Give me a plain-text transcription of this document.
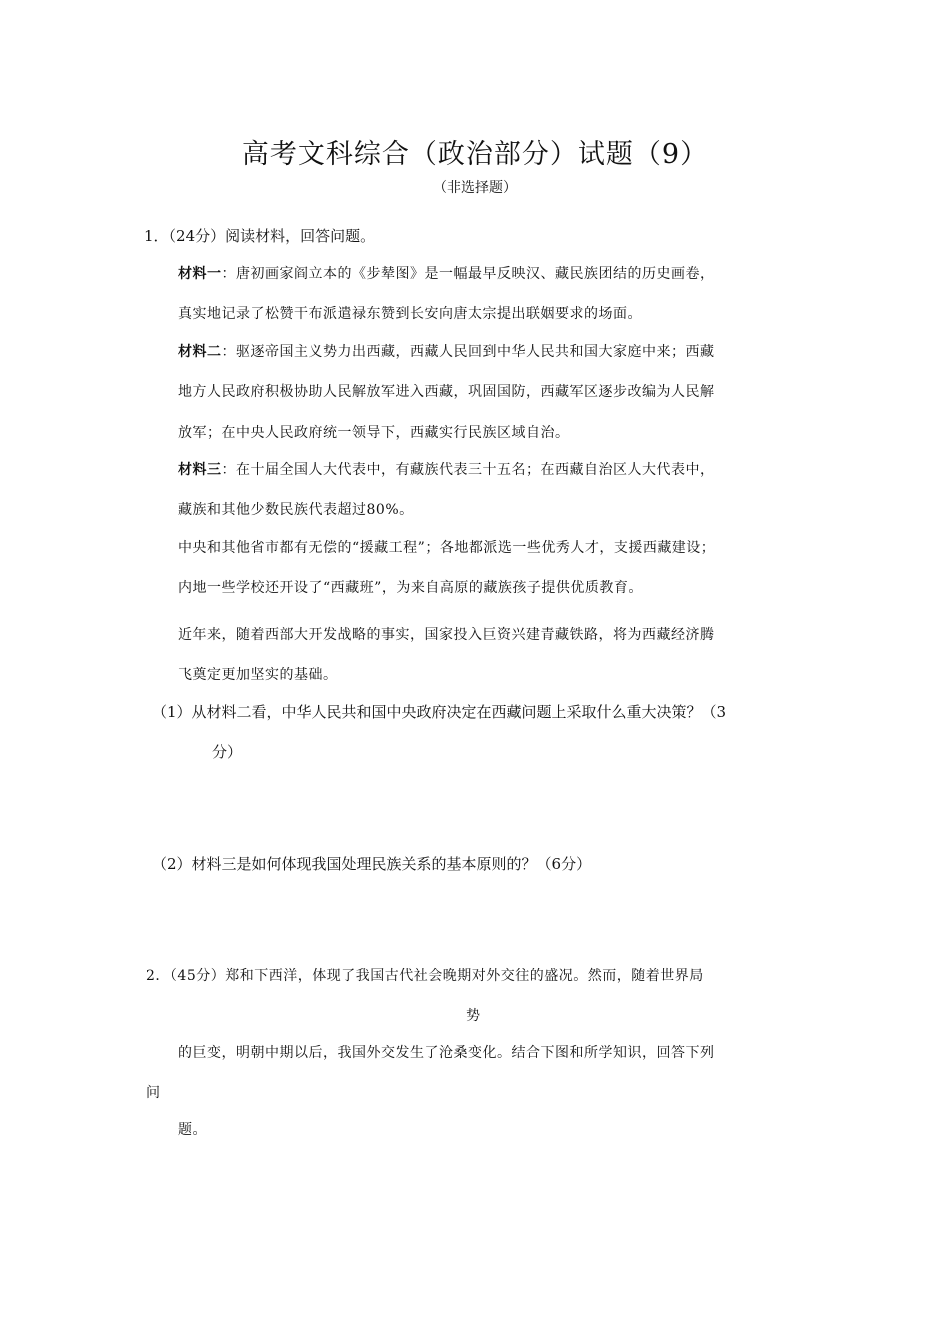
高考文科综合（政治部分）试题（9）
（非选择题）
1．（24分）阅读材料，回答问题。
材料一：唐初画家阎立本的《步辇图》是一幅最早反映汉、藏民族团结的历史画卷，
真实地记录了松赞干布派遣禄东赞到长安向唐太宗提出联姻要求的场面。
材料二：驱逐帝国主义势力出西藏，西藏人民回到中华人民共和国大家庭中来；西藏
地方人民政府积极协助人民解放军进入西藏，巩固国防，西藏军区逐步改编为人民解
放军；在中央人民政府统一领导下，西藏实行民族区域自治。
材料三：在十届全国人大代表中，有藏族代表三十五名；在西藏自治区人大代表中，
藏族和其他少数民族代表超过80%。
中央和其他省市都有无偿的“援藏工程”；各地都派选一些优秀人才，支援西藏建设；
内地一些学校还开设了“西藏班”，为来自高原的藏族孩子提供优质教育。
近年来，随着西部大开发战略的事实，国家投入巨资兴建青藏铁路，将为西藏经济腾
飞奠定更加坚实的基础。
（1）从材料二看，中华人民共和国中央政府决定在西藏问题上采取什么重大决策？（3
分）
（2）材料三是如何体现我国处理民族关系的基本原则的？（6分）
2．（45分）郑和下西洋，体现了我国古代社会晚期对外交往的盛况。然而，随着世界局
势
的巨变，明朝中期以后，我国外交发生了沧桑变化。结合下图和所学知识，回答下列
问
题。
